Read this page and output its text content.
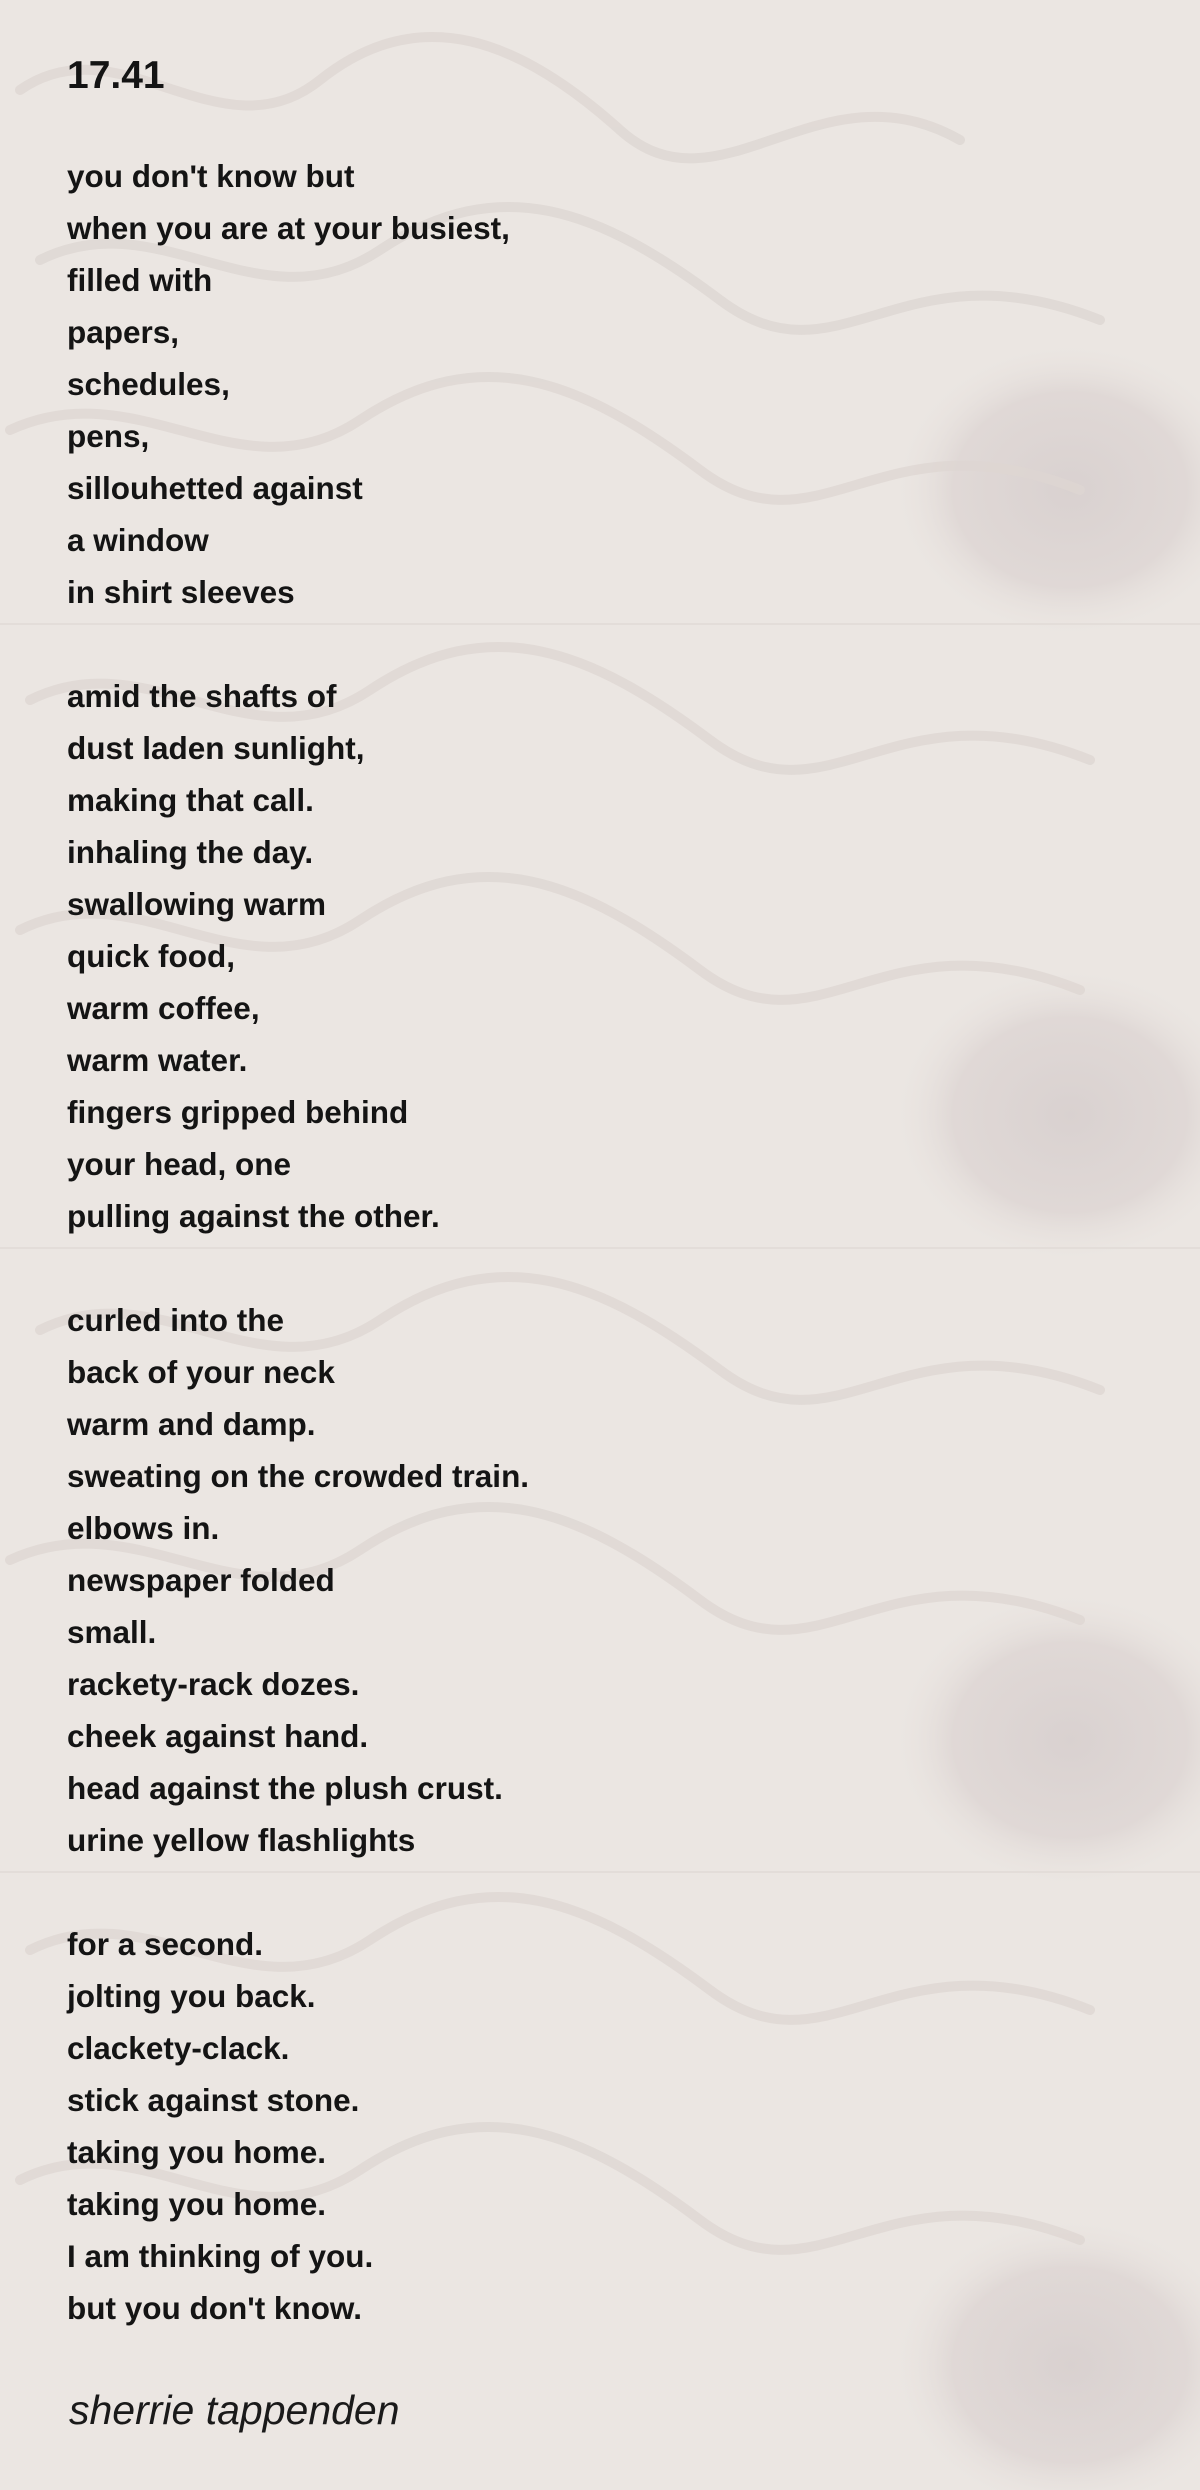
17.41
you don't know but
when you are at your busiest,
filled with
papers,
schedules,
pens,
sillouhetted against
a window
in shirt sleeves
amid the shafts of
dust laden sunlight,
making that call.
inhaling the day.
swallowing warm
quick food,
warm coffee,
warm water.
fingers gripped behind
your head, one
pulling against the other.
curled into the
back of your neck
warm and damp.
sweating on the crowded train.
elbows in.
newspaper folded
small.
rackety-rack dozes.
cheek against hand.
head against the plush crust.
urine yellow flashlights
for a second.
jolting you back.
clackety-clack.
stick against stone.
taking you home.
taking you home.
I am thinking of you.
but you don't know.
sherrie tappenden
